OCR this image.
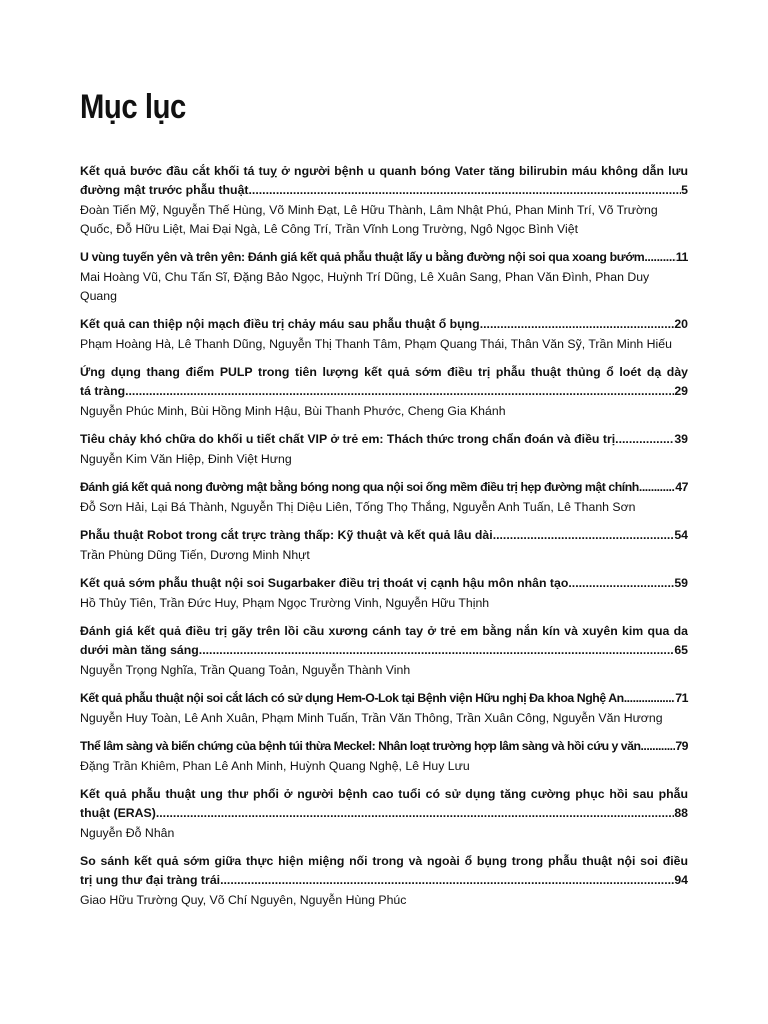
Mục lục
Kết quả bước đầu cắt khối tá tuỵ ở người bệnh u quanh bóng Vater tăng bilirubin máu không dẫn lưu
đường mật trước phẫu thuật .....	5
Đoàn Tiến Mỹ, Nguyễn Thế Hùng, Võ Minh Đạt, Lê Hữu Thành, Lâm Nhật Phú, Phan Minh Trí, Võ Trường Quốc, Đỗ Hữu Liệt, Mai Đại Ngà, Lê Công Trí, Trần Vĩnh Long Trường, Ngô Ngọc Bình Việt
U vùng tuyến yên và trên yên: Đánh giá kết quả phẫu thuật lấy u bằng đường nội soi qua xoang bướm .....	11
Mai Hoàng Vũ, Chu Tấn Sĩ, Đặng Bảo Ngọc, Huỳnh Trí Dũng, Lê Xuân Sang, Phan Văn Đình, Phan Duy Quang
Kết quả can thiệp nội mạch điều trị chảy máu sau phẫu thuật ổ bụng .....	20
Phạm Hoàng Hà, Lê Thanh Dũng, Nguyễn Thị Thanh Tâm, Phạm Quang Thái, Thân Văn Sỹ, Trần Minh Hiếu
Ứng dụng thang điểm PULP trong tiên lượng kết quả sớm điều trị phẫu thuật thủng ổ loét dạ dày
tá tràng .....	29
Nguyễn Phúc Minh, Bùi Hồng Minh Hậu, Bùi Thanh Phước, Cheng Gia Khánh
Tiêu chảy khó chữa do khối u tiết chất VIP ở trẻ em: Thách thức trong chẩn đoán và điều trị .....	39
Nguyễn Kim Văn Hiệp, Đinh Việt Hưng
Đánh giá kết quả nong đường mật bằng bóng nong qua nội soi ống mềm điều trị hẹp đường mật chính .....	47
Đỗ Sơn Hải, Lại Bá Thành, Nguyễn Thị Diệu Liên, Tống Thọ Thắng, Nguyễn Anh Tuấn, Lê Thanh Sơn
Phẫu thuật Robot trong cắt trực tràng thấp: Kỹ thuật và kết quả lâu dài .....	54
Trần Phùng Dũng Tiến, Dương Minh Nhựt
Kết quả sớm phẫu thuật nội soi Sugarbaker điều trị thoát vị cạnh hậu môn nhân tạo .....	59
Hồ Thủy Tiên, Trần Đức Huy, Phạm Ngọc Trường Vinh, Nguyễn Hữu Thịnh
Đánh giá kết quả điều trị gãy trên lồi cầu xương cánh tay ở trẻ em bằng nắn kín và xuyên kim qua da
dưới màn tăng sáng .....	65
Nguyễn Trọng Nghĩa, Trần Quang Toản, Nguyễn Thành Vinh
Kết quả phẫu thuật nội soi cắt lách có sử dụng Hem-O-Lok tại Bệnh viện Hữu nghị Đa khoa Nghệ An .....	71
Nguyễn Huy Toàn, Lê Anh Xuân, Phạm Minh Tuấn, Trần Văn Thông, Trần Xuân Công, Nguyễn Văn Hương
Thể lâm sàng và biến chứng của bệnh túi thừa Meckel: Nhân loạt trường hợp lâm sàng và hồi cứu y văn .....	79
Đặng Trần Khiêm, Phan Lê Anh Minh, Huỳnh Quang Nghệ, Lê Huy Lưu
Kết quả phẫu thuật ung thư phổi ở người bệnh cao tuổi có sử dụng tăng cường phục hồi sau phẫu
thuật (ERAS) .....	88
Nguyễn Đỗ Nhân
So sánh kết quả sớm giữa thực hiện miệng nối trong và ngoài ổ bụng trong phẫu thuật nội soi điều
trị ung thư đại tràng trái .....	94
Giao Hữu Trường Quy, Võ Chí Nguyên, Nguyễn Hùng Phúc
